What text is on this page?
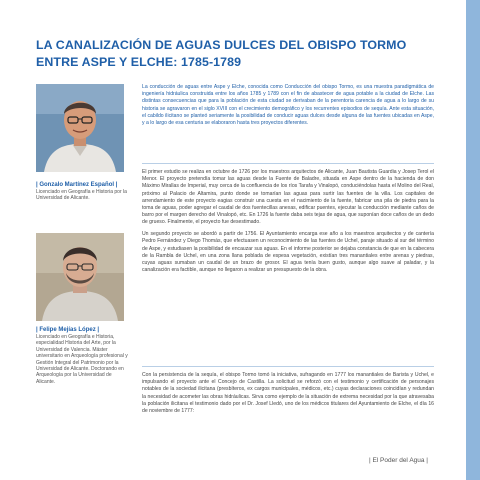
LA CANALIZACIÓN DE AGUAS DULCES DEL OBISPO TORMO
ENTRE ASPE Y ELCHE: 1785-1789
| Gonzalo Martínez Español |
Licenciado en Geografía e Historia por la Universidad de Alicante.
| Felipe Mejías López |
Licenciado en Geografía e Historia, especialidad Historia del Arte, por la Universidad de Valencia. Máster universitario en Arqueología profesional y Gestión Integral del Patrimonio por la Universidad de Alicante. Doctorando en Arqueología por la Universidad de Alicante.

La conducción de aguas entre Aspe y Elche, conocida como Conducción del obispo Tormo, es una muestra paradigmática de ingeniería hidráulica construida entre los años 1785 y 1789 con el fin de abastecer de agua potable a la ciudad de Elche. Las distintas consecuencias que para la población de esta ciudad se derivaban de la perentoria carencia de agua a lo largo de su historia se agravaron en el siglo XVIII con el crecimiento demográfico y los recurrentes episodios de sequía. Ante esta situación, el cabildo ilicitano se planteó seriamente la posibilidad de conducir aguas dulces desde alguna de las fuentes ubicadas en Aspe, y a lo largo de esa centuria se elaboraron hasta tres proyectos diferentes.

El primer estudio se realiza en octubre de 1726 por los maestros arquitectos de Alicante, Juan Bautista Guardia y Josep Terol el Menor. El proyecto pretendía tomar las aguas desde la Fuente de Baladre, situada en Aspe dentro de la hacienda de don Máximo Mirallas de Imperial, muy cerca de la confluencia de los ríos Tarafa y Vinalopó, conduciéndolas hasta el Molino del Real, próximo al Palacio de Altamira, punto donde se tomarían las aguas para surtir las fuentes de la villa. Los capitales de arrendamiento de este proyecto eagias construir una cuesta en el nacimiento de la fuente, fabricar una pila de piedra para la toma de aguas, poder agregar el caudal de dos fuentecillas anexas, edificar puentes, ejecutar la conducción mediante caños de barro por el margen derecho del Vinalopó, etc. En 1726 la fuente daba seis tejas de agua, que suponían doce caños de un dedo de grueso. Finalmente, el proyecto fue desestimado.

Un segundo proyecto se abordó a partir de 1756. El Ayuntamiento encarga ese año a los maestros arquitectos y de cantería Pedro Fernández y Diego Thomás, que efectuasen un reconocimiento de las fuentes de Uchel, paraje situado al sur del término de Aspe, y estudiasen la posibilidad de encauzar sus aguas. En el informe posterior se dejaba constancia de que en la cabecera de la Rambla de Uchel, en una zona llana poblada de espesa vegetación, existían tres manantiales entre arenas y piedras, cuyas aguas sumaban un caudal de un brazo de grosor. El agua tenía buen gusto, aunque algo suave al paladar, y la canalización era factible, aunque no llegaron a realizar un presupuesto de la obra.

Con la persistencia de la sequía, el obispo Tormo tomó la iniciativa, sufragando en 1777 los manantiales de Barista y Uchel, e impulsando el proyecto ante el Concejo de Castilla. La solicitud se reforzó con el testimonio y certificación de personajes notables de la sociedad ilicitana (presbíteros, ex cargos municipales, médicos, etc.) cuyas declaraciones coincidían y redundan la necesidad de acometer las obras hidráulicas. Sirva como ejemplo de la situación de extrema necesidad por la que atravesaba la población ilicitana el testimonio dado por el Dr. Josef Lledó, uno de los médicos titulares del Ayuntamiento de Elche, el día 16 de noviembre de 1777:

| El Poder del Agua |
